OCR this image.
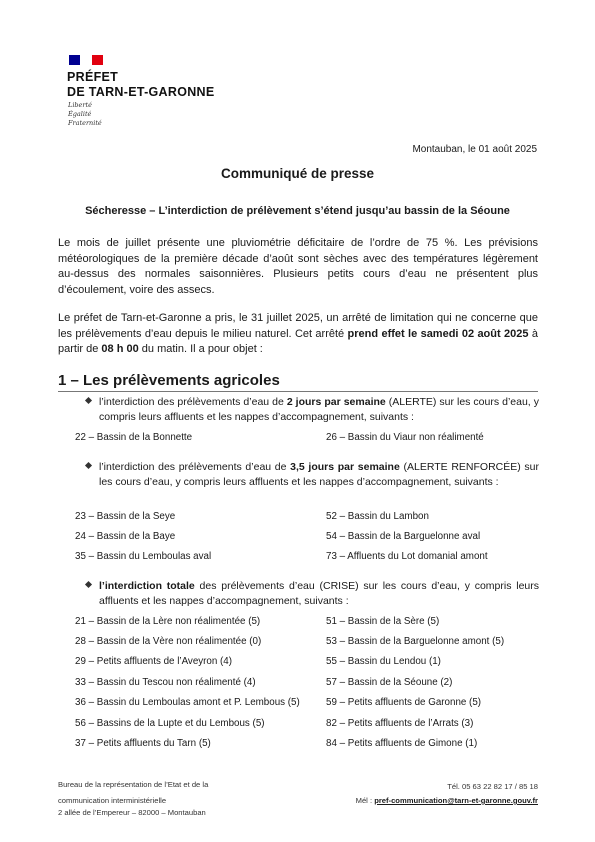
PRÉFET
DE TARN-ET-GARONNE
Liberté
Égalité
Fraternité
Montauban, le 01 août 2025
Communiqué de presse
Sécheresse – L’interdiction de prélèvement s’étend jusqu’au bassin de la Séoune
Le mois de juillet présente une pluviométrie déficitaire de l’ordre de 75 %. Les prévisions météorologiques de la première décade d’août sont sèches avec des températures légèrement au-dessus des normales saisonnières. Plusieurs petits cours d’eau ne présentent plus d’écoulement, voire des assecs.
Le préfet de Tarn-et-Garonne a pris, le 31 juillet 2025, un arrêté de limitation qui ne concerne que les prélèvements d’eau depuis le milieu naturel. Cet arrêté prend effet le samedi 02 août 2025 à partir de 08 h 00 du matin. Il a pour objet :
1 – Les prélèvements agricoles
l’interdiction des prélèvements d’eau de 2 jours par semaine (ALERTE) sur les cours d’eau, y compris leurs affluents et les nappes d’accompagnement, suivants :
22 – Bassin de la Bonnette	26 – Bassin du Viaur non réalimenté
l’interdiction des prélèvements d’eau de 3,5 jours par semaine (ALERTE RENFORCÉE) sur les cours d’eau, y compris leurs affluents et les nappes d’accompagnement, suivants :
23 – Bassin de la Seye
24 – Bassin de la Baye
35 – Bassin du Lemboulas aval
52 – Bassin du Lambon
54 – Bassin de la Barguelonne aval
73 – Affluents du Lot domanial amont
l’interdiction totale des prélèvements d’eau (CRISE) sur les cours d’eau, y compris leurs affluents et les nappes d’accompagnement, suivants :
21 – Bassin de la Lère non réalimentée (5)
28 – Bassin de la Vère non réalimentée (0)
29 – Petits affluents de l’Aveyron (4)
33 – Bassin du Tescou non réalimenté (4)
36 – Bassin du Lemboulas amont et P. Lembous (5)
56 – Bassins de la Lupte et du Lembous (5)
37 – Petits affluents du Tarn (5)
51 – Bassin de la Sère (5)
53 – Bassin de la Barguelonne amont (5)
55 – Bassin du Lendou (1)
57 – Bassin de la Séoune (2)
59 – Petits affluents de Garonne (5)
82 – Petits affluents de l’Arrats (3)
84 – Petits affluents de Gimone (1)
Bureau de la représentation de l’Etat et de la
communication interministérielle
2 allée de l’Empereur – 82000 – Montauban
Tél. 05 63 22 82 17 / 85 18
Mél : pref-communication@tarn-et-garonne.gouv.fr
